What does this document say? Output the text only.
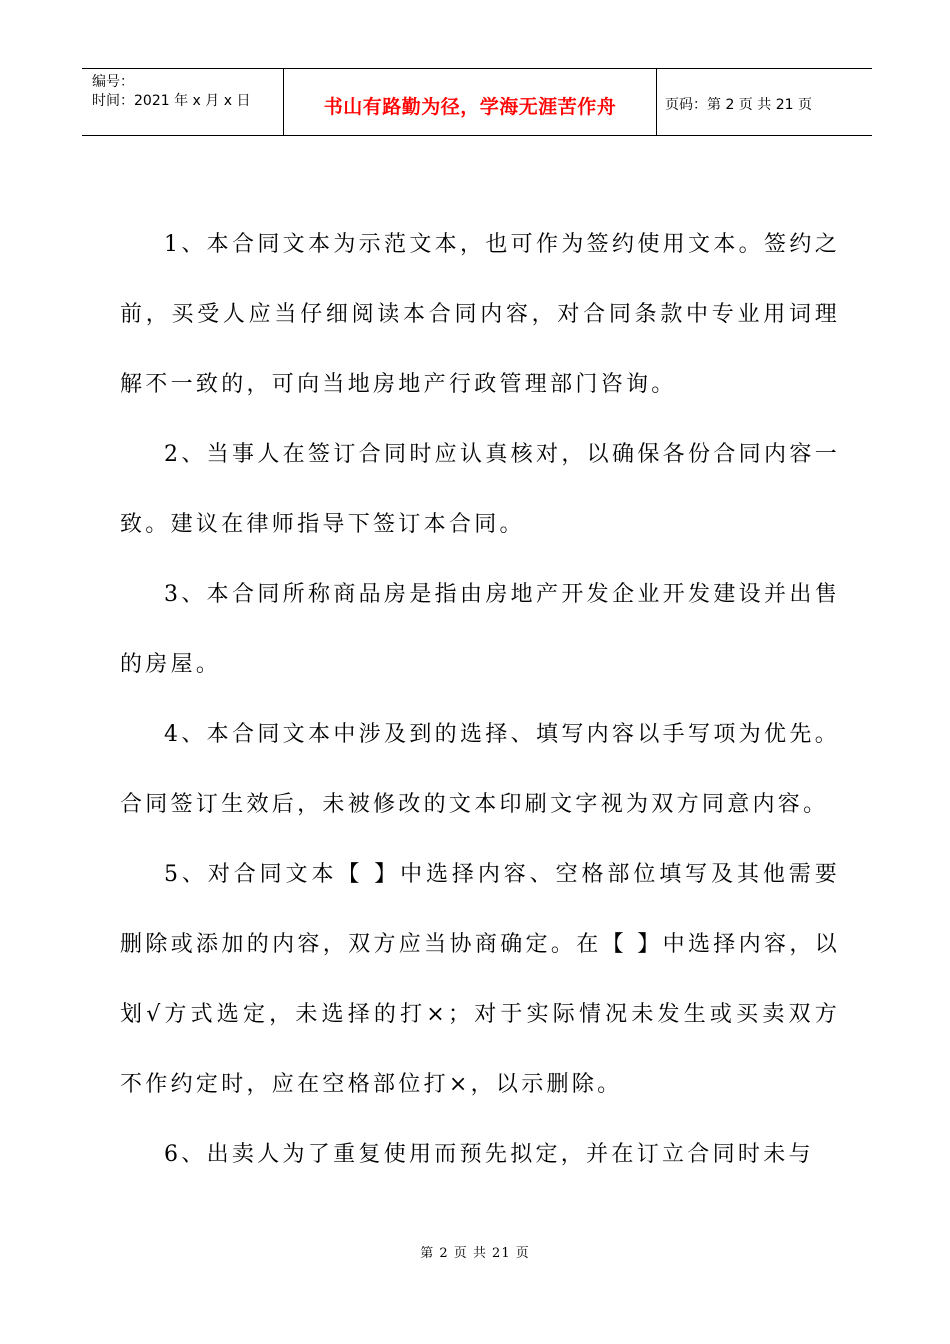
编号：
时间：2021 年 x 月 x 日	书山有路勤为径，学海无涯苦作舟	页码：第 2 页 共 21 页

1、本合同文本为示范文本，也可作为签约使用文本。签约之前，买受人应当仔细阅读本合同内容，对合同条款中专业用词理解不一致的，可向当地房地产行政管理部门咨询。

2、当事人在签订合同时应认真核对，以确保各份合同内容一致。建议在律师指导下签订本合同。

3、本合同所称商品房是指由房地产开发企业开发建设并出售的房屋。

4、本合同文本中涉及到的选择、填写内容以手写项为优先。合同签订生效后，未被修改的文本印刷文字视为双方同意内容。

5、对合同文本【 】中选择内容、空格部位填写及其他需要删除或添加的内容，双方应当协商确定。在【 】中选择内容，以划√方式选定，未选择的打×；对于实际情况未发生或买卖双方不作约定时，应在空格部位打×，以示删除。

6、出卖人为了重复使用而预先拟定，并在订立合同时未与

第 2 页 共 21 页
